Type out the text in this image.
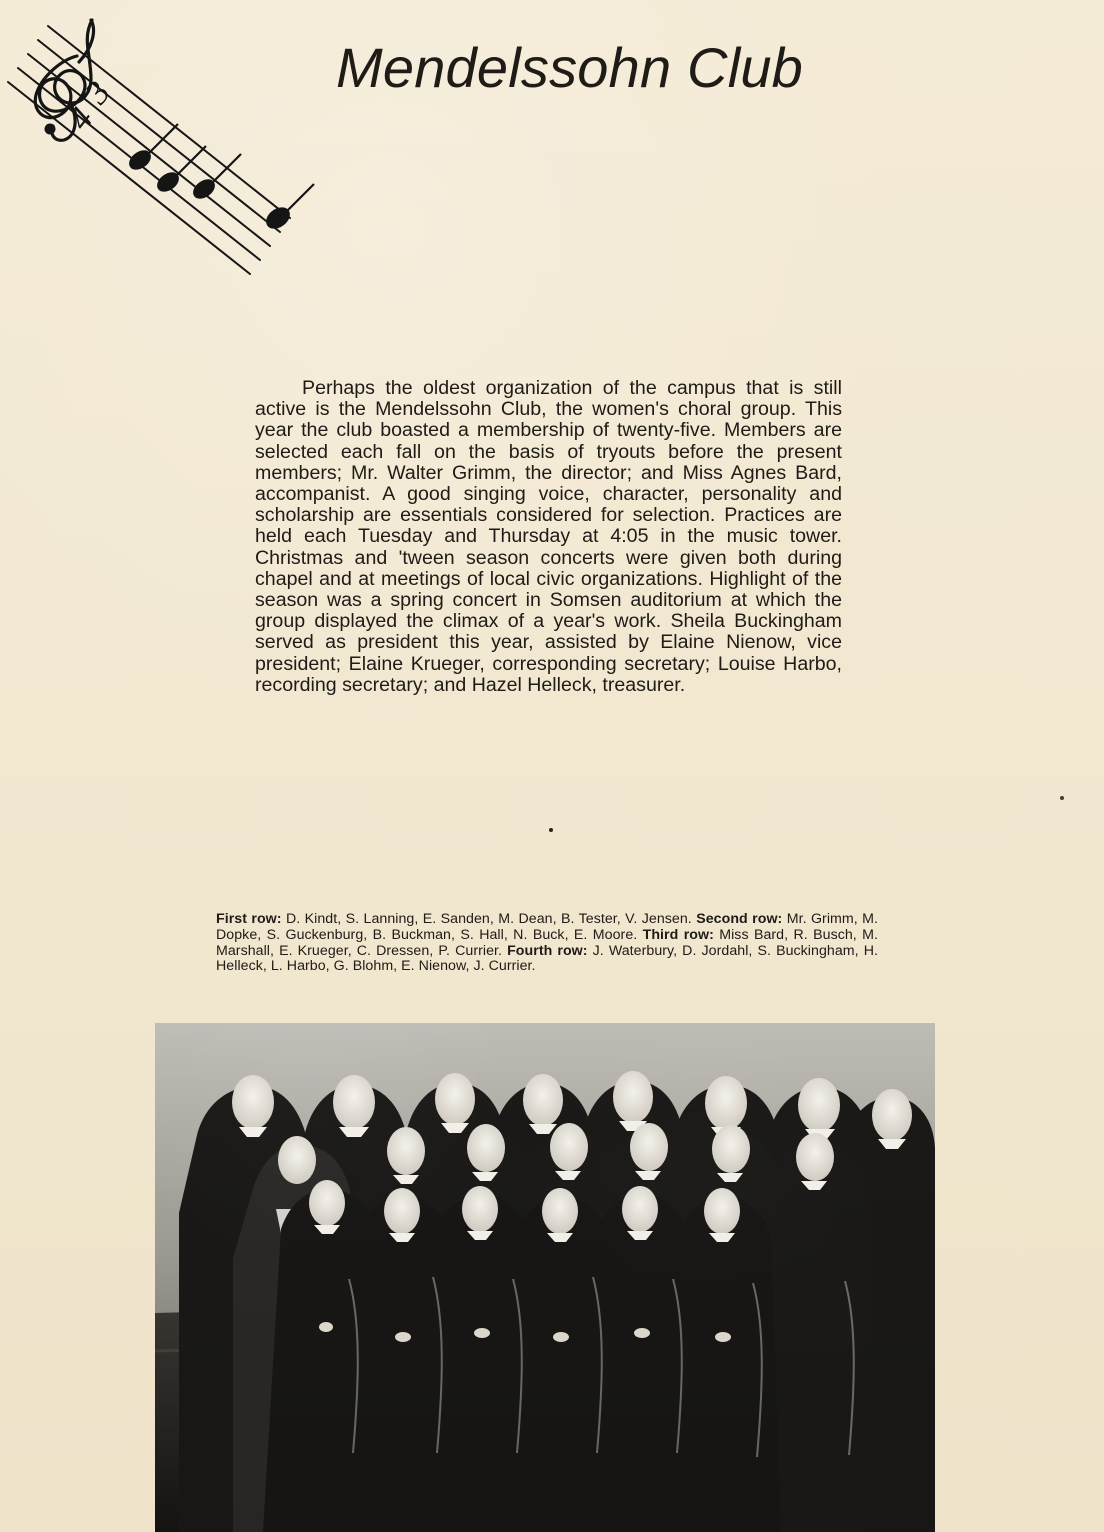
3
4
Mendelssohn Club

Perhaps the oldest organization of the campus that is still active is the Mendelssohn Club, the women's choral group. This year the club boasted a membership of twenty-five. Members are selected each fall on the basis of tryouts before the present members; Mr. Walter Grimm, the director; and Miss Agnes Bard, accompanist. A good singing voice, character, personality and scholarship are essentials considered for selection. Practices are held each Tuesday and Thursday at 4:05 in the music tower. Christmas and 'tween season concerts were given both during chapel and at meetings of local civic organizations. Highlight of the season was a spring concert in Somsen auditorium at which the group displayed the climax of a year's work. Sheila Buckingham served as president this year, assisted by Elaine Nienow, vice president; Elaine Krueger, corresponding secretary; Louise Harbo, recording secretary; and Hazel Helleck, treasurer.

First row: D. Kindt, S. Lanning, E. Sanden, M. Dean, B. Tester, V. Jensen. Second row: Mr. Grimm, M. Dopke, S. Guckenburg, B. Buckman, S. Hall, N. Buck, E. Moore. Third row: Miss Bard, R. Busch, M. Marshall, E. Krueger, C. Dressen, P. Currier. Fourth row: J. Waterbury, D. Jordahl, S. Buckingham, H. Helleck, L. Harbo, G. Blohm, E. Nienow, J. Currier.
